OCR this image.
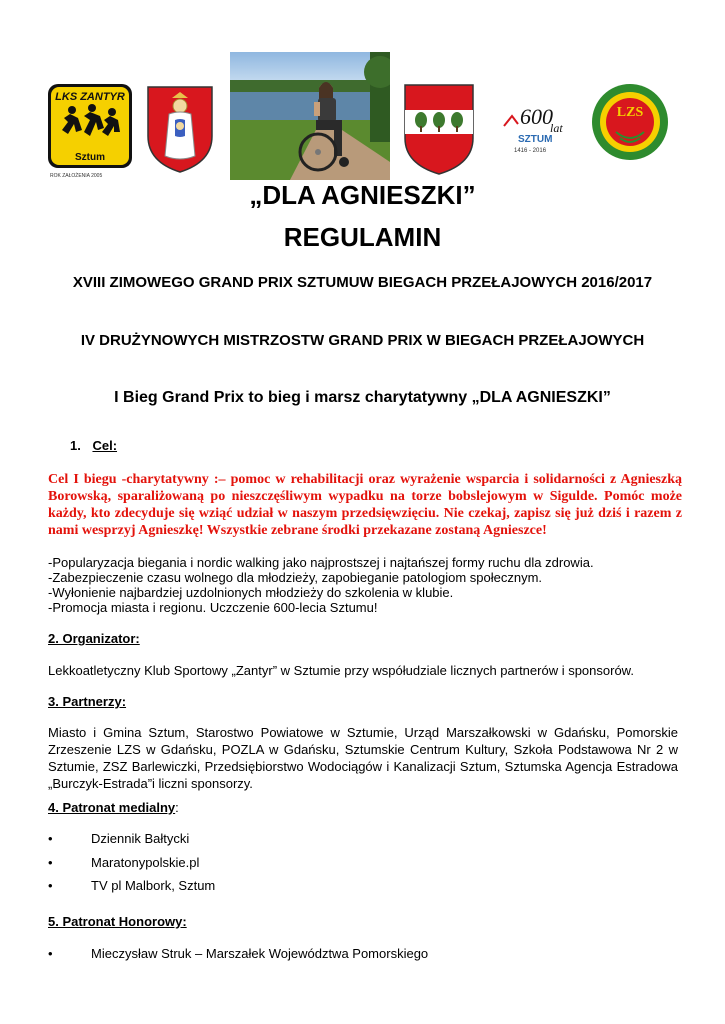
LKS ZANTYR
Sztum
ROK ZAŁOŻENIA 2005
600
lat
SZTUM
1416 - 2016
LZS
„DLA AGNIESZKI”
REGULAMIN
XVIII ZIMOWEGO GRAND PRIX SZTUMUW BIEGACH PRZEŁAJOWYCH 2016/2017
IV DRUŻYNOWYCH MISTRZOSTW GRAND PRIX W BIEGACH PRZEŁAJOWYCH
I Bieg Grand Prix to bieg i marsz charytatywny „DLA AGNIESZKI”
1. Cel:
Cel I biegu -charytatywny :– pomoc w rehabilitacji oraz wyrażenie wsparcia i solidarności z Agnieszką Borowską, sparaliżowaną po nieszczęśliwym wypadku na torze bobslejowym w Sigulde. Pomóc może każdy, kto zdecyduje się wziąć udział w naszym przedsięwzięciu. Nie czekaj, zapisz się już dziś i razem z nami wesprzyj Agnieszkę! Wszystkie zebrane środki przekazane zostaną Agnieszce!
-Popularyzacja biegania i nordic walking jako najprostszej i najtańszej formy ruchu dla zdrowia.
-Zabezpieczenie czasu wolnego dla młodzieży, zapobieganie patologiom społecznym.
-Wyłonienie najbardziej uzdolnionych młodzieży do szkolenia w klubie.
-Promocja miasta i regionu. Uczczenie 600-lecia Sztumu!
2. Organizator:
Lekkoatletyczny Klub Sportowy „Zantyr” w Sztumie przy współudziale licznych partnerów i sponsorów.
3. Partnerzy:
Miasto i Gmina Sztum, Starostwo Powiatowe w Sztumie, Urząd Marszałkowski w Gdańsku, Pomorskie Zrzeszenie LZS w Gdańsku, POZLA w Gdańsku, Sztumskie Centrum Kultury, Szkoła Podstawowa Nr 2 w Sztumie, ZSZ Barlewiczki, Przedsiębiorstwo Wodociągów i Kanalizacji Sztum, Sztumska Agencja Estradowa „Burczyk-Estrada”i liczni sponsorzy.
4. Patronat medialny:
•	Dziennik Bałtycki
•	Maratonypolskie.pl
•	TV pl Malbork, Sztum
5. Patronat Honorowy:
•	Mieczysław Struk – Marszałek Województwa Pomorskiego
